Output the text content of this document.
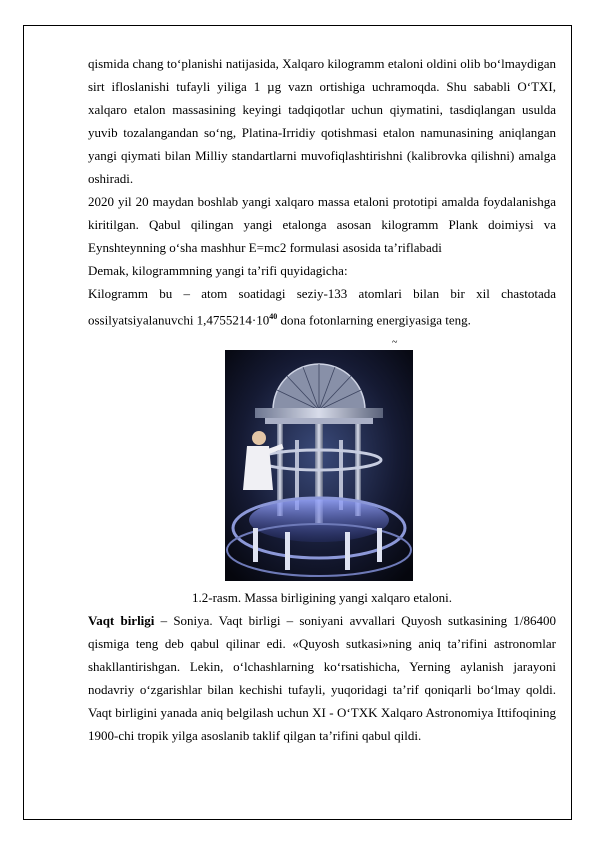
qismida chang toʻplanishi natijasida, Xalqaro kilogramm etaloni oldini olib boʻlmaydigan sirt ifloslanishi tufayli yiliga 1 µg vazn ortishiga uchramoqda. Shu sababli OʻTXI, xalqaro etalon massasining keyingi tadqiqotlar uchun qiymatini, tasdiqlangan usulda yuvib tozalangandan soʻng, Platina-Irridiy qotishmasi etalon namunasining aniqlangan yangi qiymati bilan Milliy standartlarni muvofiqlashtirishni (kalibrovka qilishni) amalga oshiradi.

2020 yil 20 maydan boshlab yangi xalqaro massa etaloni prototipi amalda foydalanishga kiritilgan. Qabul qilingan yangi etalonga asosan kilogramm Plank doimiysi va Eynshteynning oʻsha mashhur E=mc2 formulasi asosida ta’riflabadi

Demak, kilogrammning yangi ta’rifi quyidagicha:

Kilogramm bu – atom soatidagi seziy-133 atomlari bilan bir xil chastotada ossilyatsiyalanuvchi $1,4755214\cdot 10^{40}$ dona fotonlarning energiyasiga teng.

~
1.2-rasm. Massa birligining yangi xalqaro etaloni.

Vaqt birligi – Soniya. Vaqt birligi – soniyani avvallari Quyosh sutkasining 1/86400 qismiga teng deb qabul qilinar edi. «Quyosh sutkasi»ning aniq ta’rifini astronomlar shakllantirishgan. Lekin, oʻlchashlarning koʻrsatishicha, Yerning aylanish jarayoni nodavriy oʻzgarishlar bilan kechishi tufayli, yuqoridagi ta’rif qoniqarli boʻlmay qoldi. Vaqt birligini yanada aniq belgilash uchun XI - OʻTXK Xalqaro Astronomiya Ittifoqining 1900-chi tropik yilga asoslanib taklif qilgan ta’rifini qabul qildi.
